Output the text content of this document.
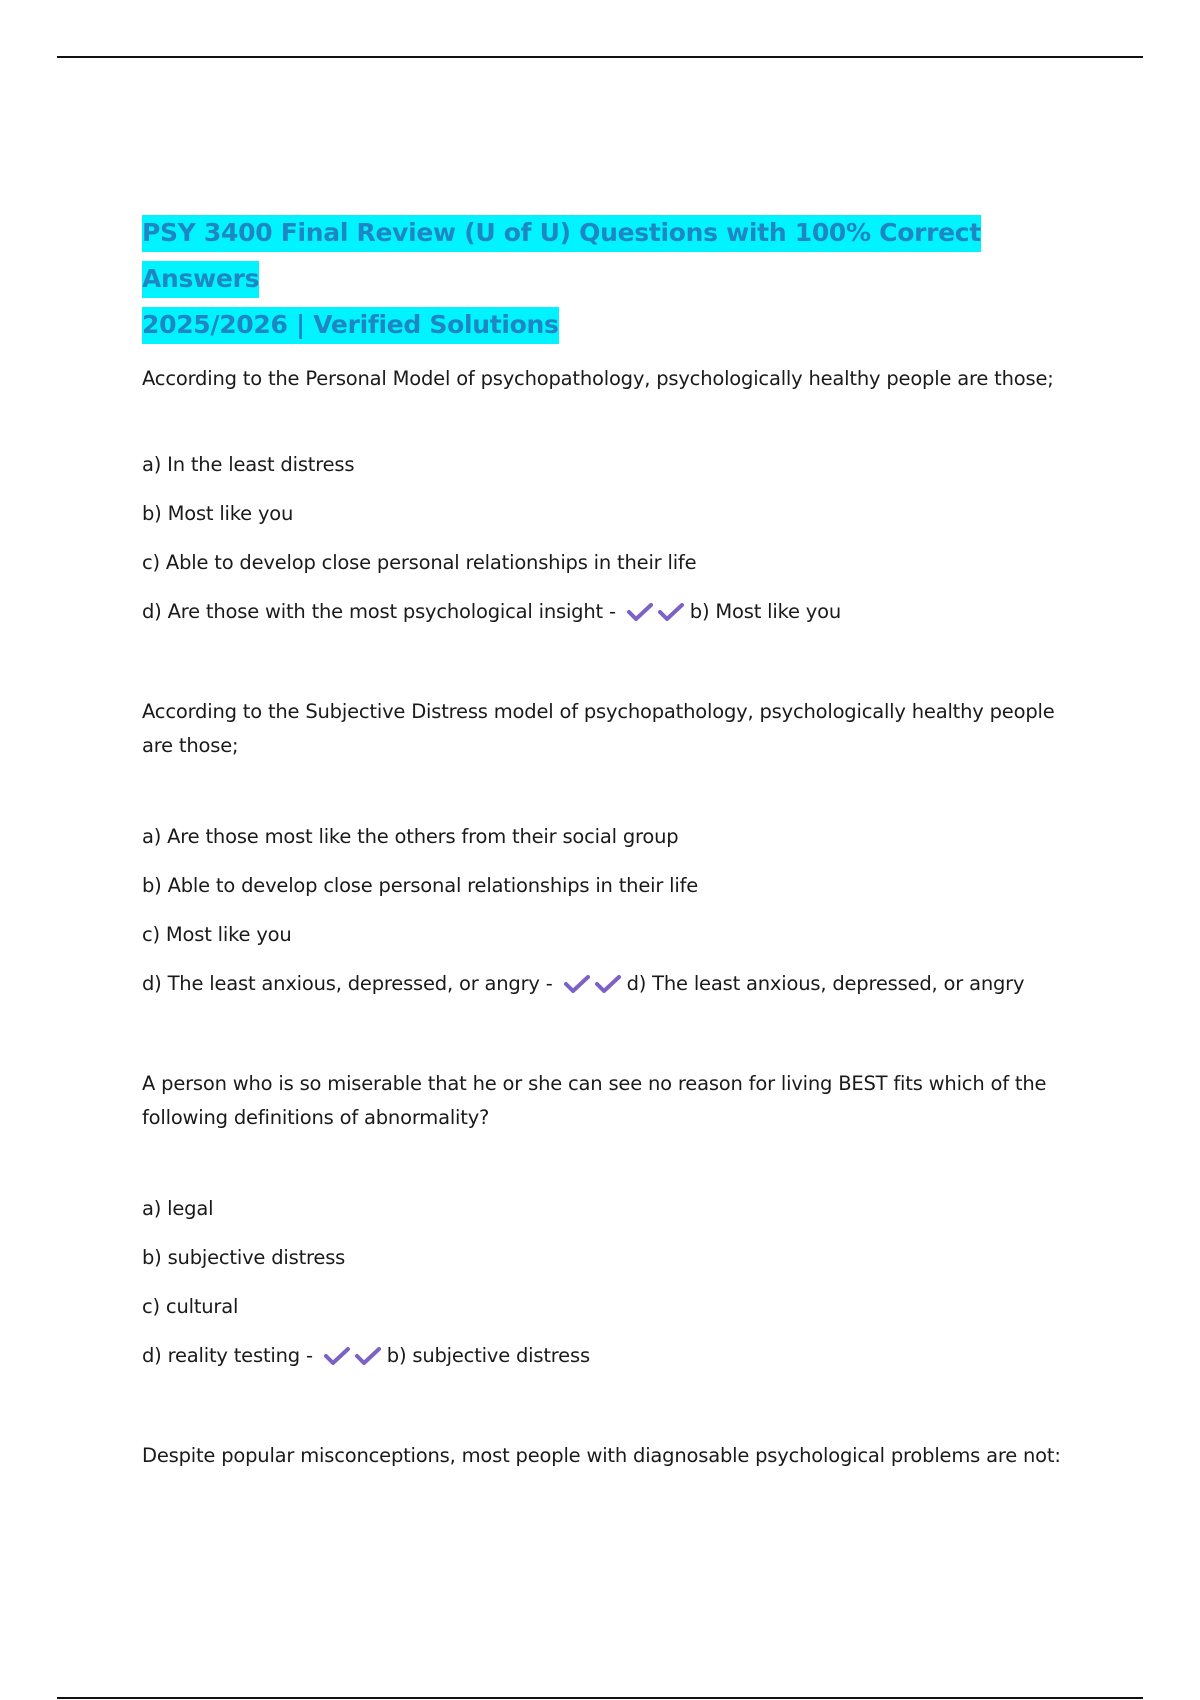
PSY 3400 Final Review (U of U) Questions with 100% Correct Answers
2025/2026 | Verified Solutions

According to the Personal Model of psychopathology, psychologically healthy people are those;

a) In the least distress
b) Most like you
c) Able to develop close personal relationships in their life
d) Are those with the most psychological insight -	b) Most like you

According to the Subjective Distress model of psychopathology, psychologically healthy people are those;

a) Are those most like the others from their social group
b) Able to develop close personal relationships in their life
c) Most like you
d) The least anxious, depressed, or angry -	d) The least anxious, depressed, or angry

A person who is so miserable that he or she can see no reason for living BEST fits which of the following definitions of abnormality?

a) legal
b) subjective distress
c) cultural
d) reality testing -	b) subjective distress

Despite popular misconceptions, most people with diagnosable psychological problems are not:
